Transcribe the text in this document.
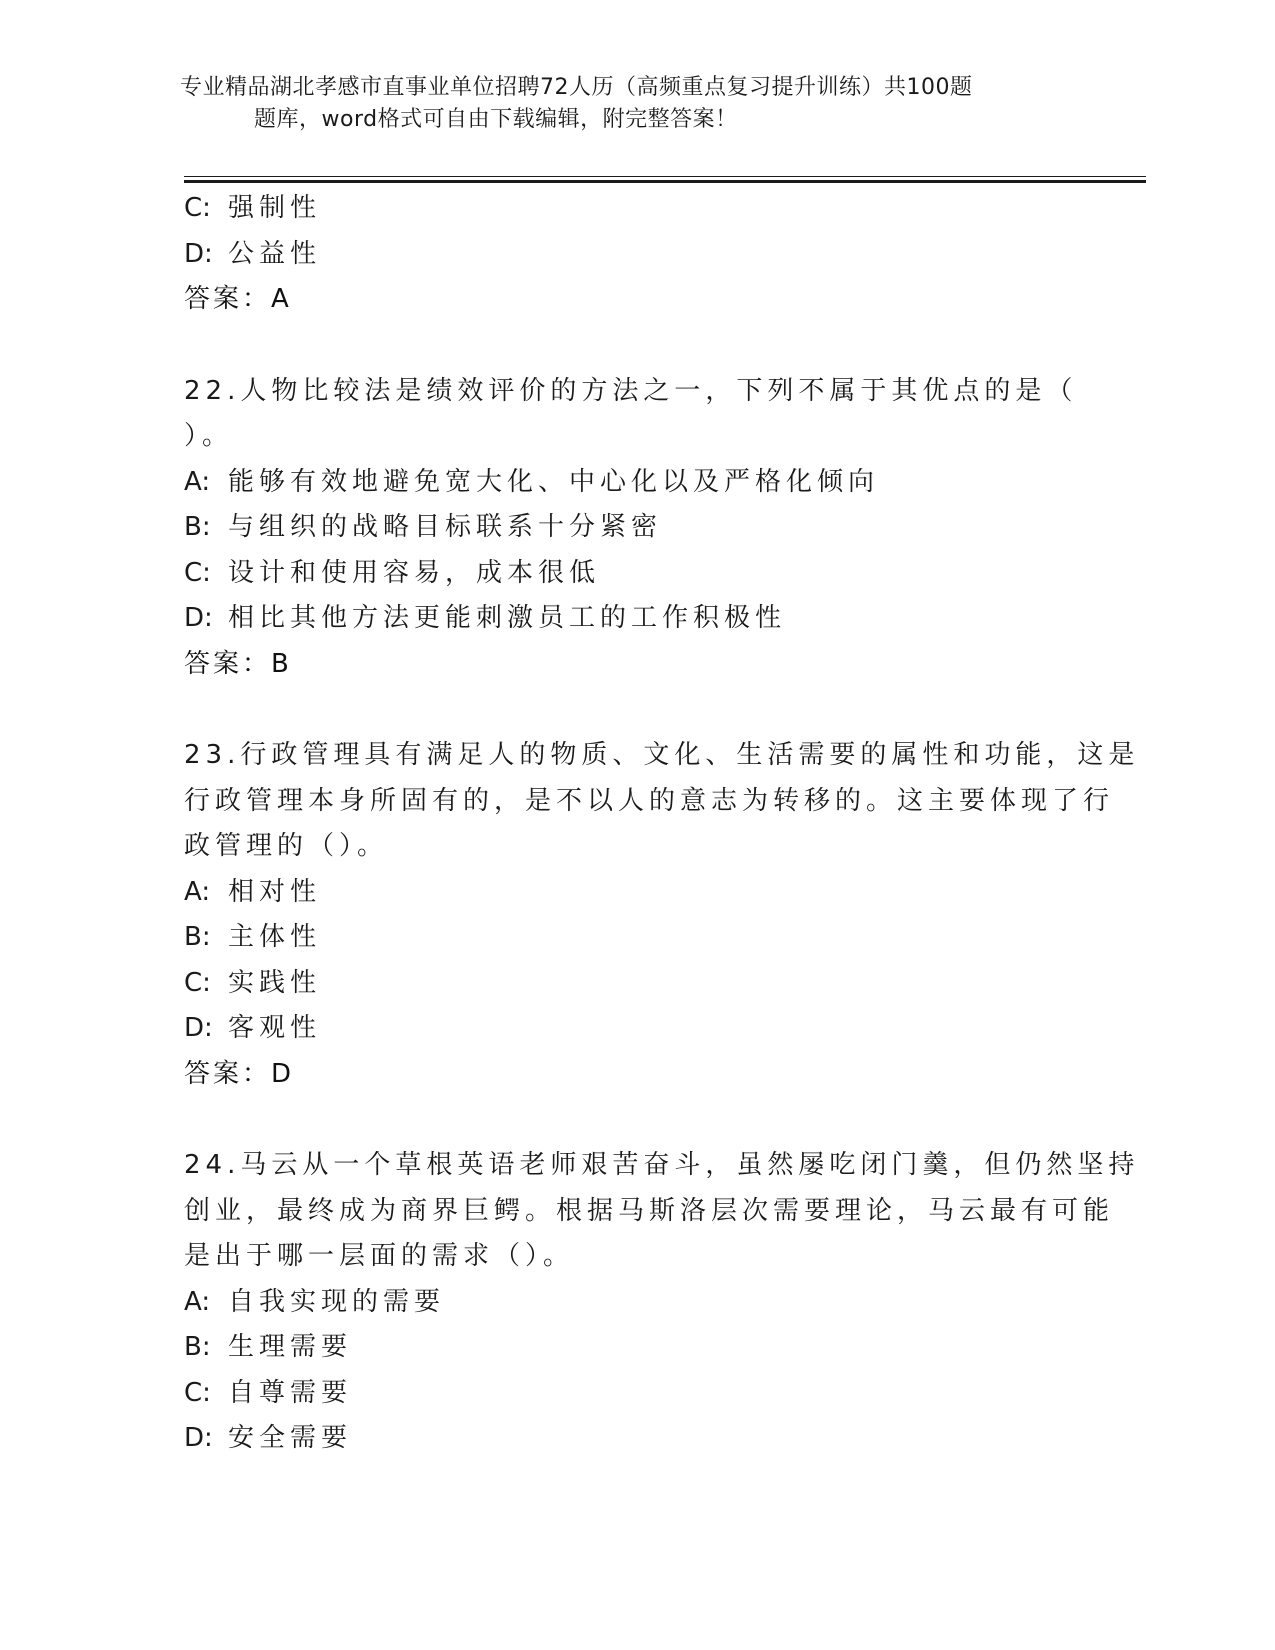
专业精品湖北孝感市直事业单位招聘72人历（高频重点复习提升训练）共100题
题库，word格式可自由下载编辑，附完整答案！
C: 强制性
D: 公益性
答案：A
22.人物比较法是绩效评价的方法之一，下列不属于其优点的是（
）。
A: 能够有效地避免宽大化、中心化以及严格化倾向
B: 与组织的战略目标联系十分紧密
C: 设计和使用容易，成本很低
D: 相比其他方法更能刺激员工的工作积极性
答案：B
23.行政管理具有满足人的物质、文化、生活需要的属性和功能，这是
行政管理本身所固有的，是不以人的意志为转移的。这主要体现了行
政管理的（）。
A: 相对性
B: 主体性
C: 实践性
D: 客观性
答案：D
24.马云从一个草根英语老师艰苦奋斗，虽然屡吃闭门羹，但仍然坚持
创业，最终成为商界巨鳄。根据马斯洛层次需要理论，马云最有可能
是出于哪一层面的需求（）。
A: 自我实现的需要
B: 生理需要
C: 自尊需要
D: 安全需要
